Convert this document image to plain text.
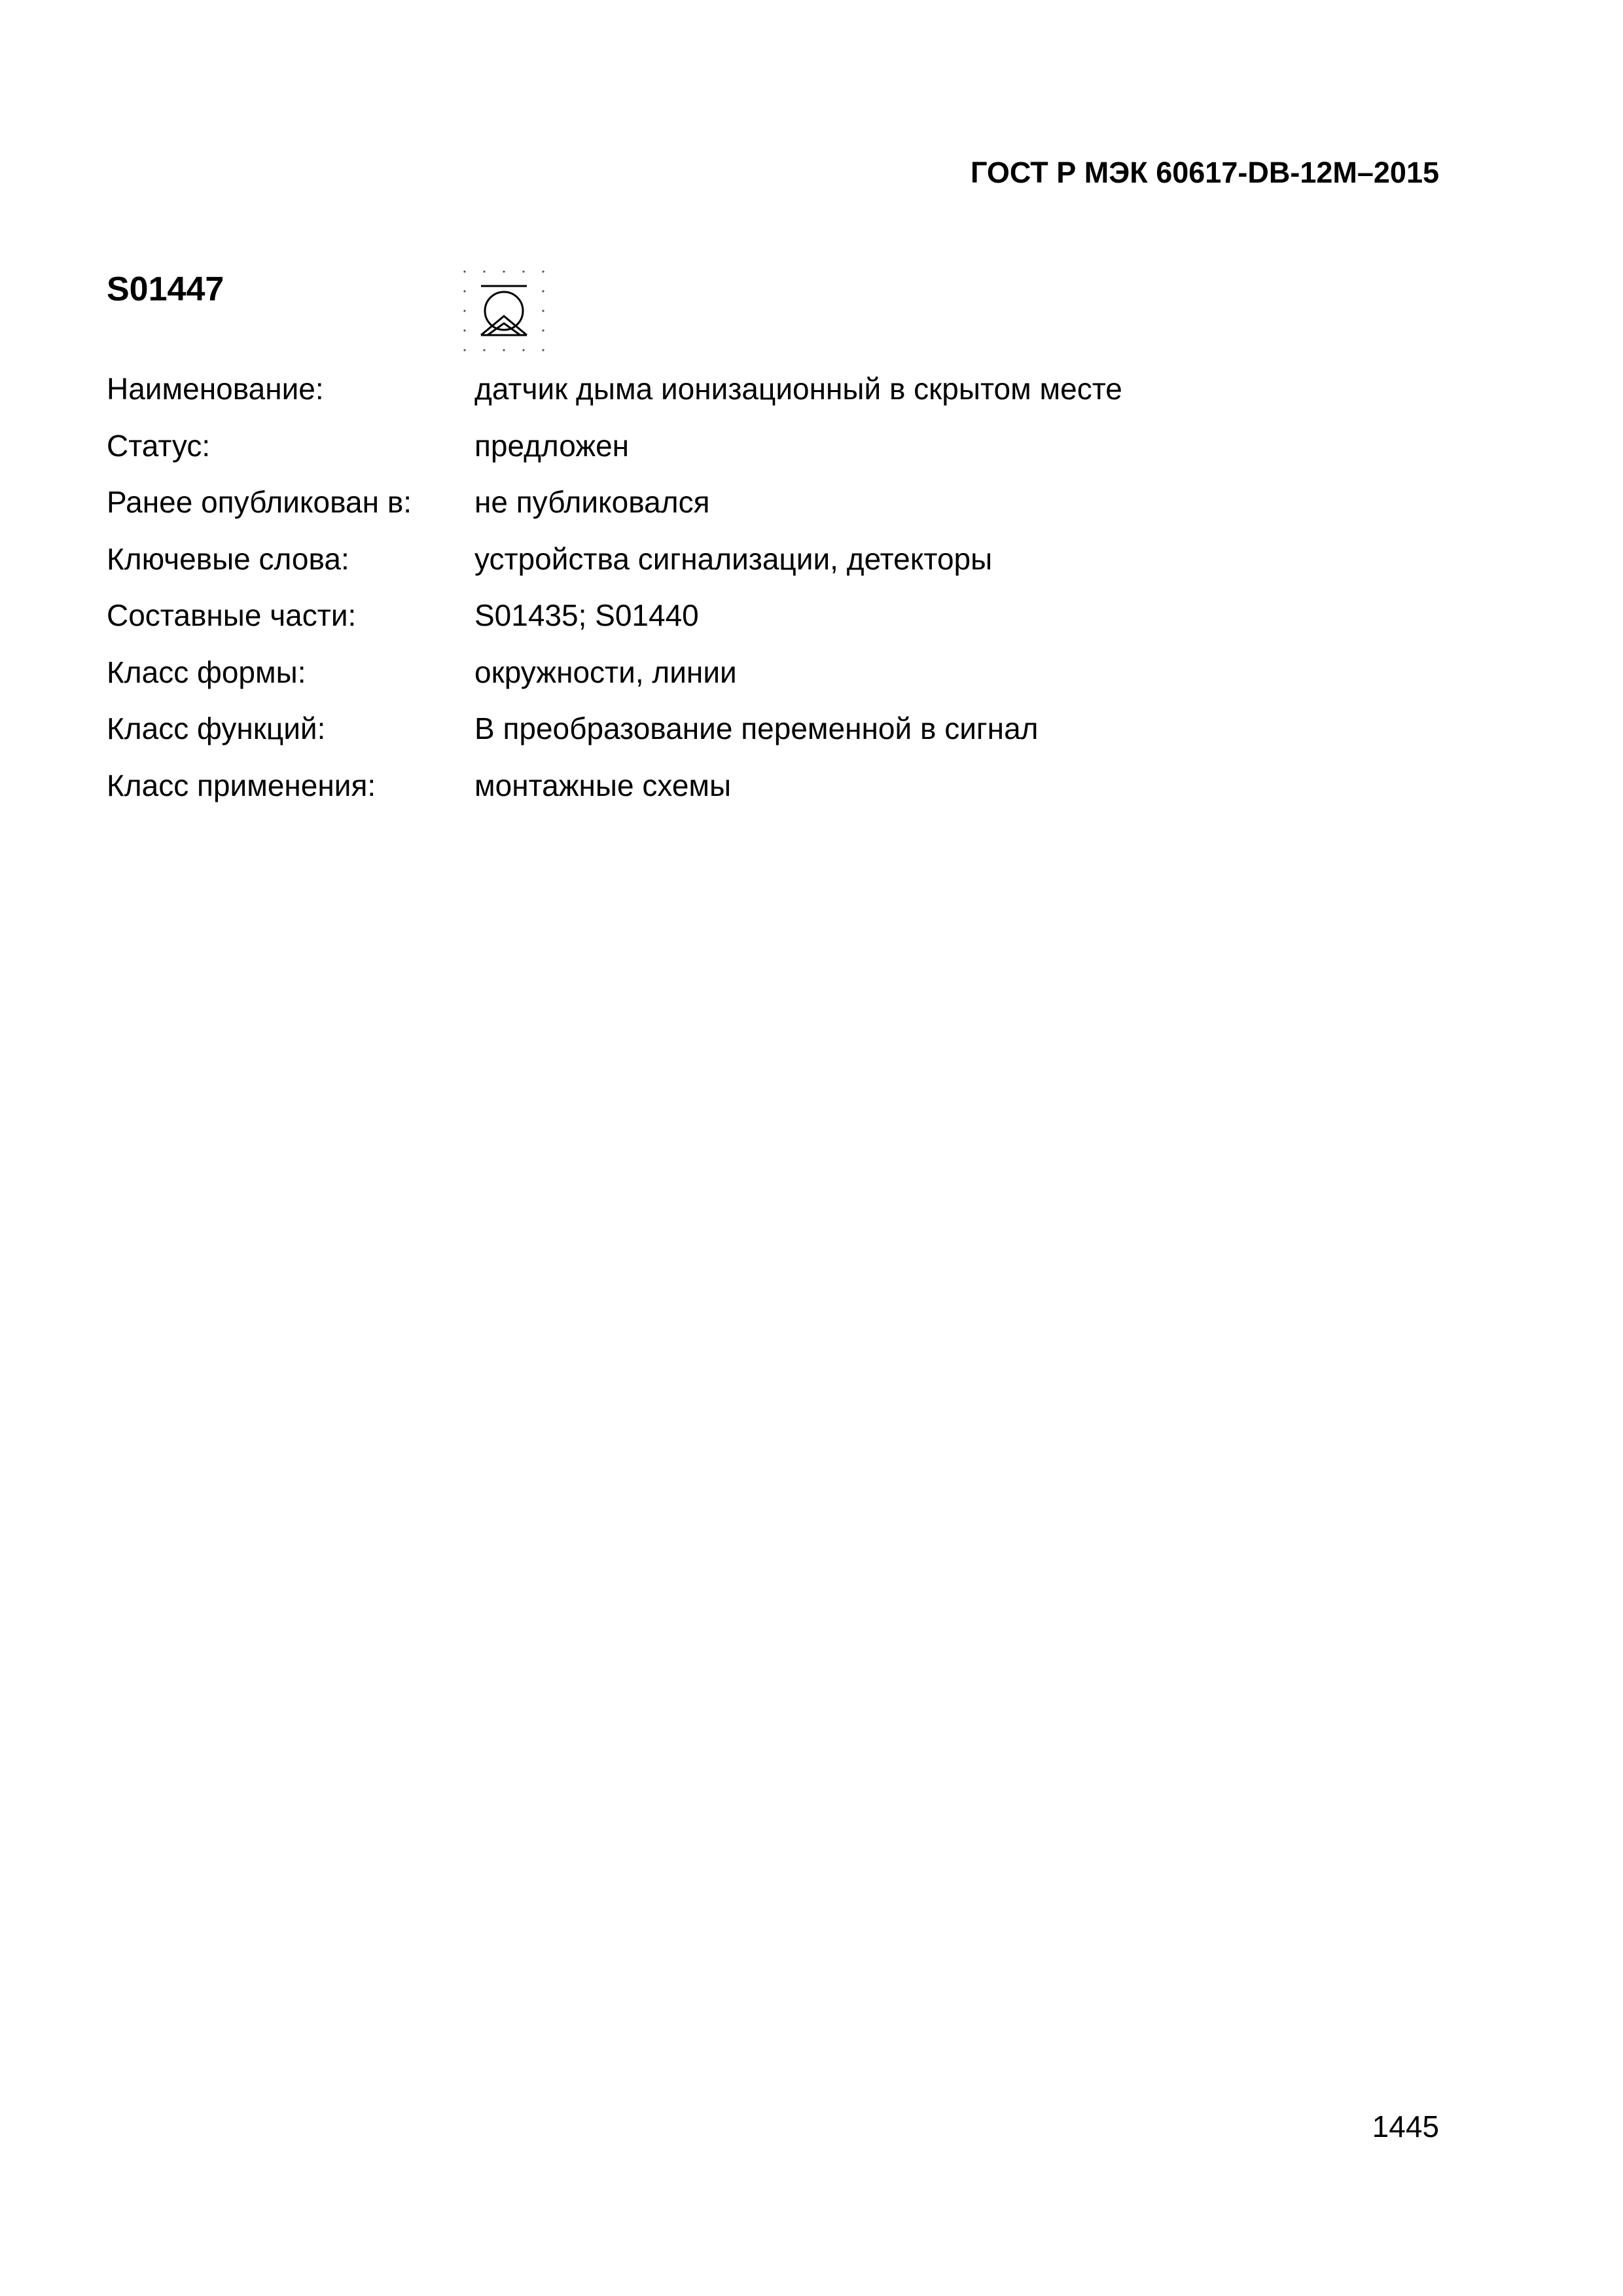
ГОСТ Р МЭК 60617-DB-12М–2015
S01447
Наименование:	датчик дыма ионизационный в скрытом месте
Статус:	предложен
Ранее опубликован в: не публиковался
Ключевые слова:	устройства сигнализации, детекторы
Составные части:	S01435; S01440
Класс формы:	окружности, линии
Класс функций:	B преобразование переменной в сигнал
Класс применения:	монтажные схемы
1445
